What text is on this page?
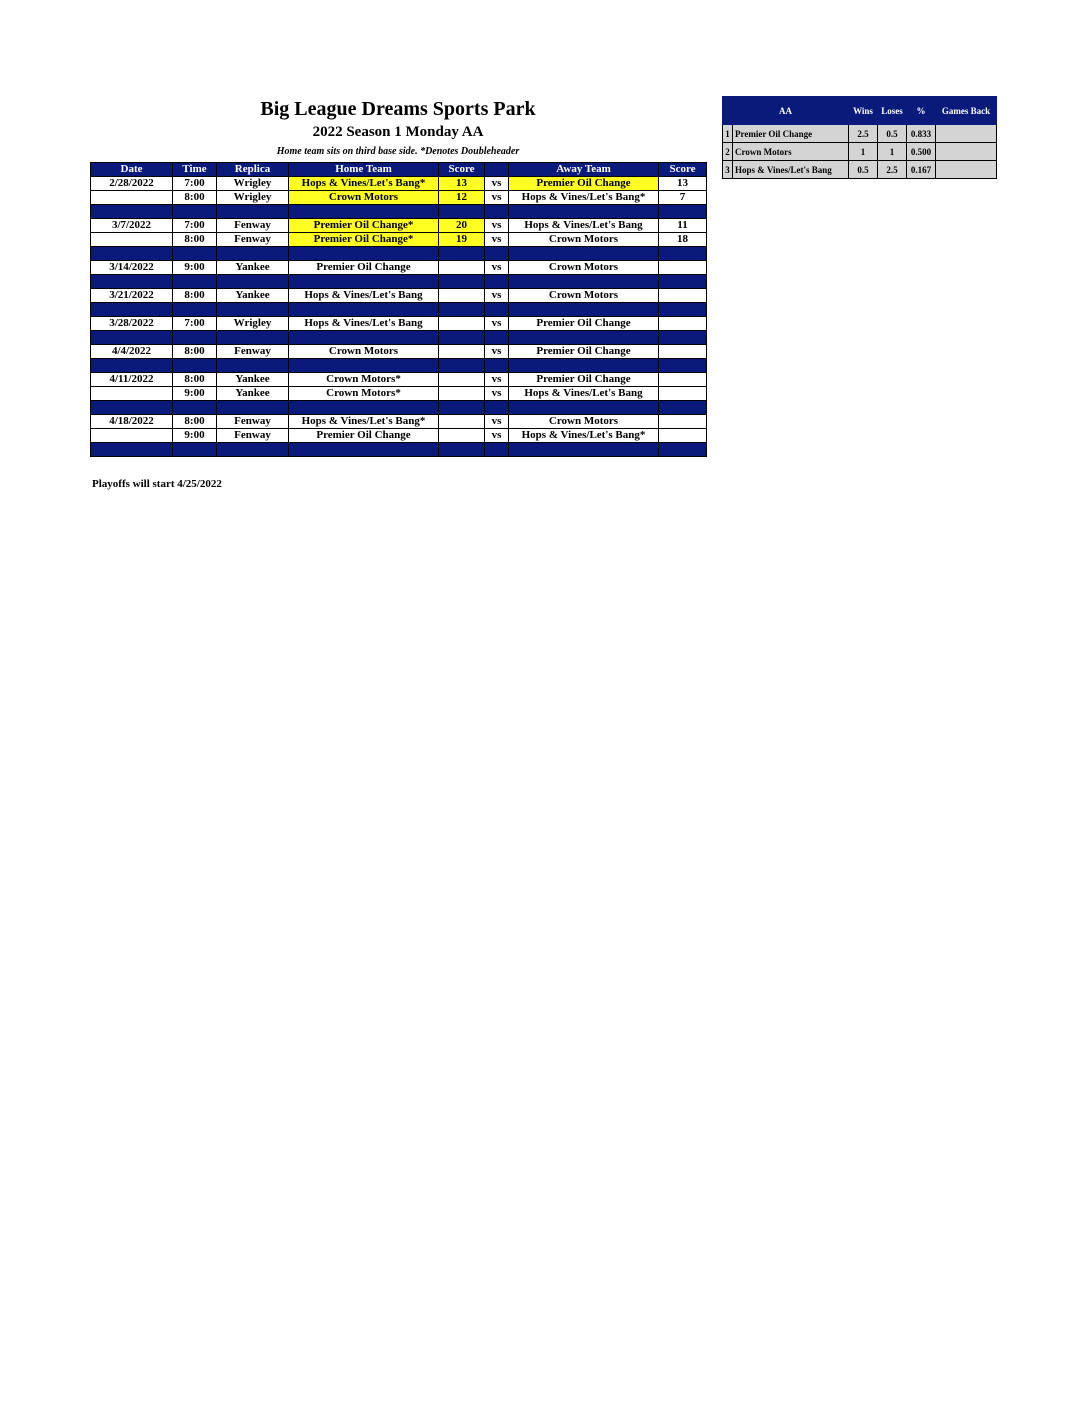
Big League Dreams Sports Park
2022 Season 1 Monday AA
Home team sits on third base side. *Denotes Doubleheader
Date	Time	Replica	Home Team	Score		Away Team	Score
2/28/2022	7:00	Wrigley	Hops & Vines/Let's Bang*	13	vs	Premier Oil Change	13
	8:00	Wrigley	Crown Motors	12	vs	Hops & Vines/Let's Bang*	7

3/7/2022	7:00	Fenway	Premier Oil Change*	20	vs	Hops & Vines/Let's Bang	11
	8:00	Fenway	Premier Oil Change*	19	vs	Crown Motors	18

3/14/2022	9:00	Yankee	Premier Oil Change		vs	Crown Motors	

3/21/2022	8:00	Yankee	Hops & Vines/Let's Bang		vs	Crown Motors	

3/28/2022	7:00	Wrigley	Hops & Vines/Let's Bang		vs	Premier Oil Change	

4/4/2022	8:00	Fenway	Crown Motors		vs	Premier Oil Change	

4/11/2022	8:00	Yankee	Crown Motors*		vs	Premier Oil Change	
	9:00	Yankee	Crown Motors*		vs	Hops & Vines/Let's Bang	

4/18/2022	8:00	Fenway	Hops & Vines/Let's Bang*		vs	Crown Motors	
	9:00	Fenway	Premier Oil Change		vs	Hops & Vines/Let's Bang*	

Playoffs will start 4/25/2022
AA		Wins	Loses	%	Games Back
1	Premier Oil Change	2.5	0.5	0.833	
2	Crown Motors	1	1	0.500	
3	Hops & Vines/Let's Bang	0.5	2.5	0.167	
